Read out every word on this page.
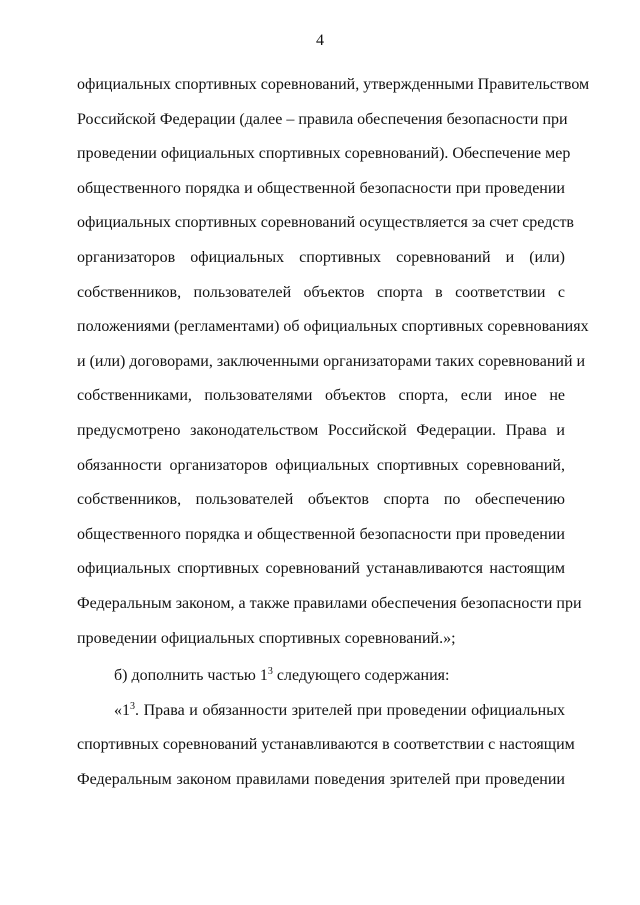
4
официальных спортивных соревнований, утвержденными Правительством
Российской Федерации (далее – правила обеспечения безопасности при
проведении официальных спортивных соревнований). Обеспечение мер
общественного порядка и общественной безопасности при проведении
официальных спортивных соревнований осуществляется за счет средств
организаторов официальных спортивных соревнований и (или)
собственников, пользователей объектов спорта в соответствии с
положениями (регламентами) об официальных спортивных соревнованиях
и (или) договорами, заключенными организаторами таких соревнований и
собственниками, пользователями объектов спорта, если иное не
предусмотрено законодательством Российской Федерации. Права и
обязанности организаторов официальных спортивных соревнований,
собственников, пользователей объектов спорта по обеспечению
общественного порядка и общественной безопасности при проведении
официальных спортивных соревнований устанавливаются настоящим
Федеральным законом, а также правилами обеспечения безопасности при
проведении официальных спортивных соревнований.»;
б) дополнить частью $1^3$ следующего содержания:
«$1^3$. Права и обязанности зрителей при проведении официальных
спортивных соревнований устанавливаются в соответствии с настоящим
Федеральным законом правилами поведения зрителей при проведении
